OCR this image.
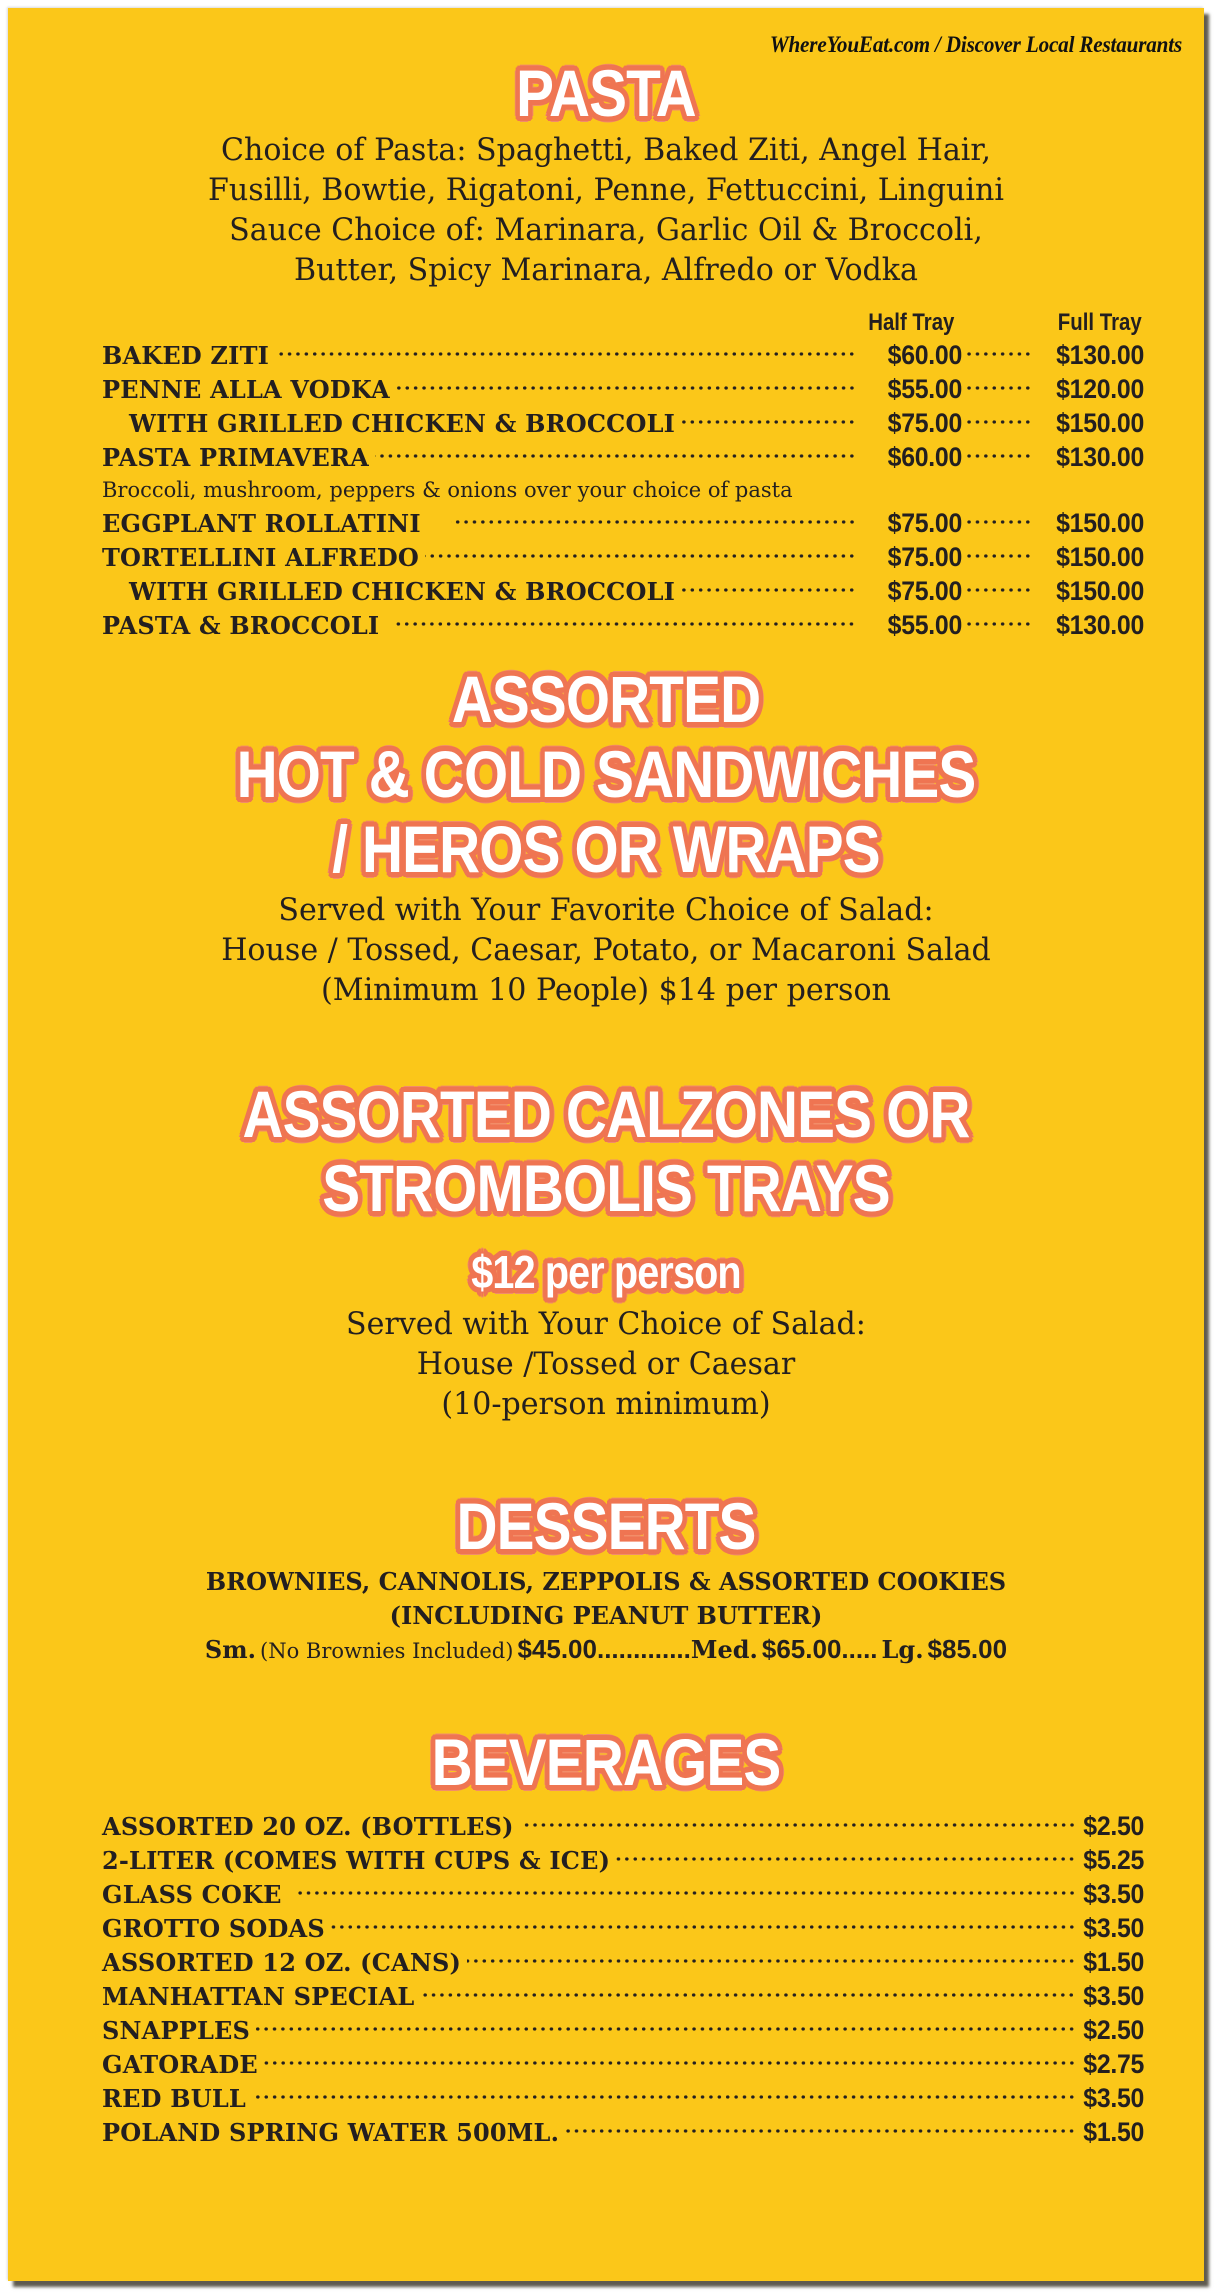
WhereYouEat.com / Discover Local Restaurants
PASTA
Choice of Pasta: Spaghetti, Baked Ziti, Angel Hair,
Fusilli, Bowtie, Rigatoni, Penne, Fettuccini, Linguini
Sauce Choice of: Marinara, Garlic Oil & Broccoli,
Butter, Spicy Marinara, Alfredo or Vodka
Half Tray	Full Tray
BAKED ZITI	$60.00	$130.00
PENNE ALLA VODKA	$55.00	$120.00
WITH GRILLED CHICKEN & BROCCOLI	$75.00	$150.00
PASTA PRIMAVERA	$60.00	$130.00
Broccoli, mushroom, peppers & onions over your choice of pasta
EGGPLANT ROLLATINI	$75.00	$150.00
TORTELLINI ALFREDO	$75.00	$150.00
WITH GRILLED CHICKEN & BROCCOLI	$75.00	$150.00
PASTA & BROCCOLI	$55.00	$130.00
ASSORTED
HOT & COLD SANDWICHES
/ HEROS OR WRAPS
Served with Your Favorite Choice of Salad:
House / Tossed, Caesar, Potato, or Macaroni Salad
(Minimum 10 People) $14 per person
ASSORTED CALZONES OR
STROMBOLIS TRAYS
$12 per person
Served with Your Choice of Salad:
House /Tossed or Caesar
(10-person minimum)
DESSERTS
BROWNIES, CANNOLIS, ZEPPOLIS & ASSORTED COOKIES
(INCLUDING PEANUT BUTTER)
Sm. (No Brownies Included) $45.00.............Med. $65.00..... Lg. $85.00
BEVERAGES
ASSORTED 20 OZ. (BOTTLES)	$2.50
2-LITER (COMES WITH CUPS & ICE)	$5.25
GLASS COKE	$3.50
GROTTO SODAS	$3.50
ASSORTED 12 OZ. (CANS)	$1.50
MANHATTAN SPECIAL	$3.50
SNAPPLES	$2.50
GATORADE	$2.75
RED BULL	$3.50
POLAND SPRING WATER 500ML.	$1.50
